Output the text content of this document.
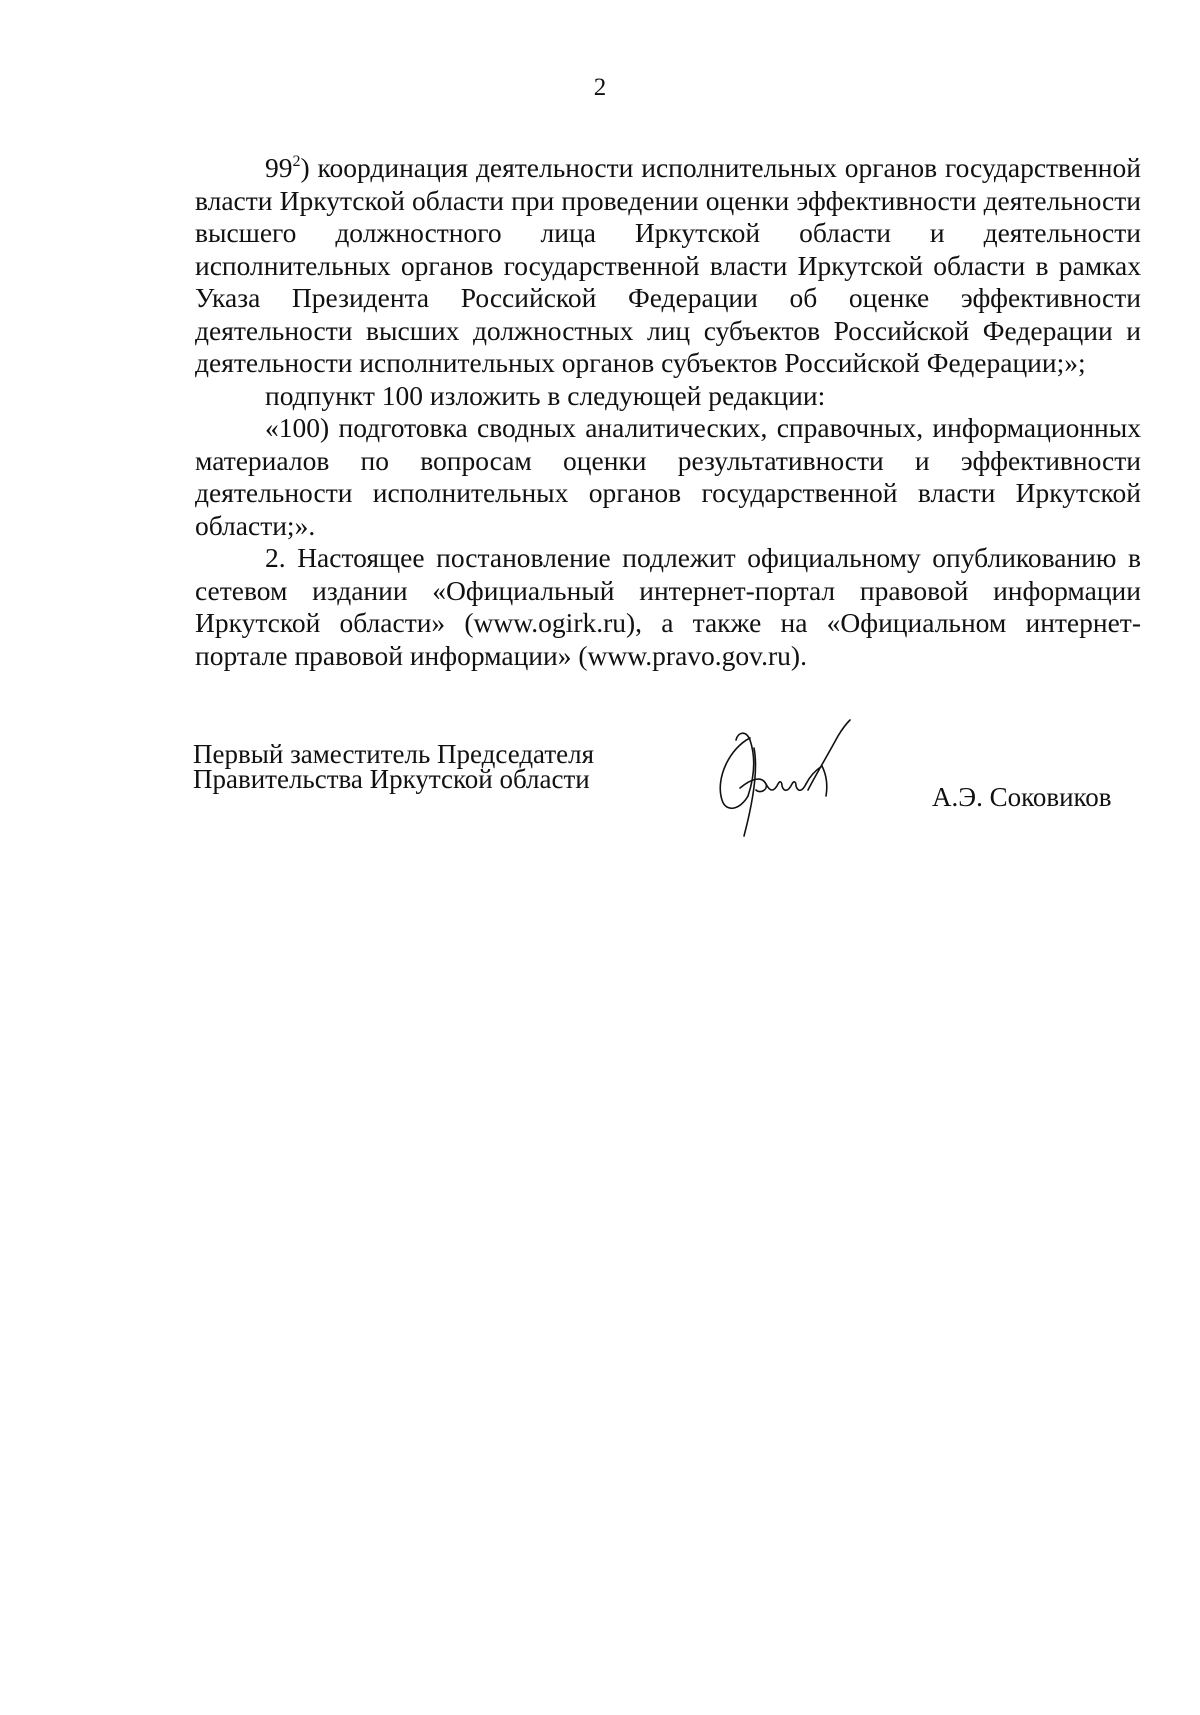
2

$99^2$) координация деятельности исполнительных органов государственной власти Иркутской области при проведении оценки эффективности деятельности высшего должностного лица Иркутской области и деятельности исполнительных органов государственной власти Иркутской области в рамках Указа Президента Российской Федерации об оценке эффективности деятельности высших должностных лиц субъектов Российской Федерации и деятельности исполнительных органов субъектов Российской Федерации;»;

подпункт 100 изложить в следующей редакции:

«100) подготовка сводных аналитических, справочных, информационных материалов по вопросам оценки результативности и эффективности деятельности исполнительных органов государственной власти Иркутской области;».

2. Настоящее постановление подлежит официальному опубликованию в сетевом издании «Официальный интернет-портал правовой информации Иркутской области» (www.ogirk.ru), а также на «Официальном интернет-портале правовой информации» (www.pravo.gov.ru).

Первый заместитель Председателя
Правительства Иркутской области
А.Э. Соковиков
